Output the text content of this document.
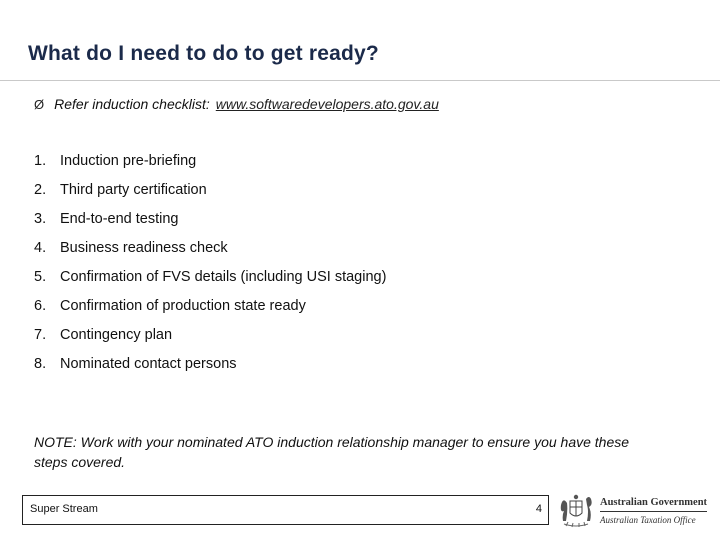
What do I need to do to get ready?
Ø Refer induction checklist: www.softwaredevelopers.ato.gov.au
1. Induction pre-briefing
2. Third party certification
3. End-to-end testing
4. Business readiness check
5. Confirmation of FVS details (including USI staging)
6. Confirmation of production state ready
7. Contingency plan
8. Nominated contact persons
NOTE: Work with your nominated ATO induction relationship manager to ensure you have these steps covered.
Super Stream	4
Australian Government
Australian Taxation Office
